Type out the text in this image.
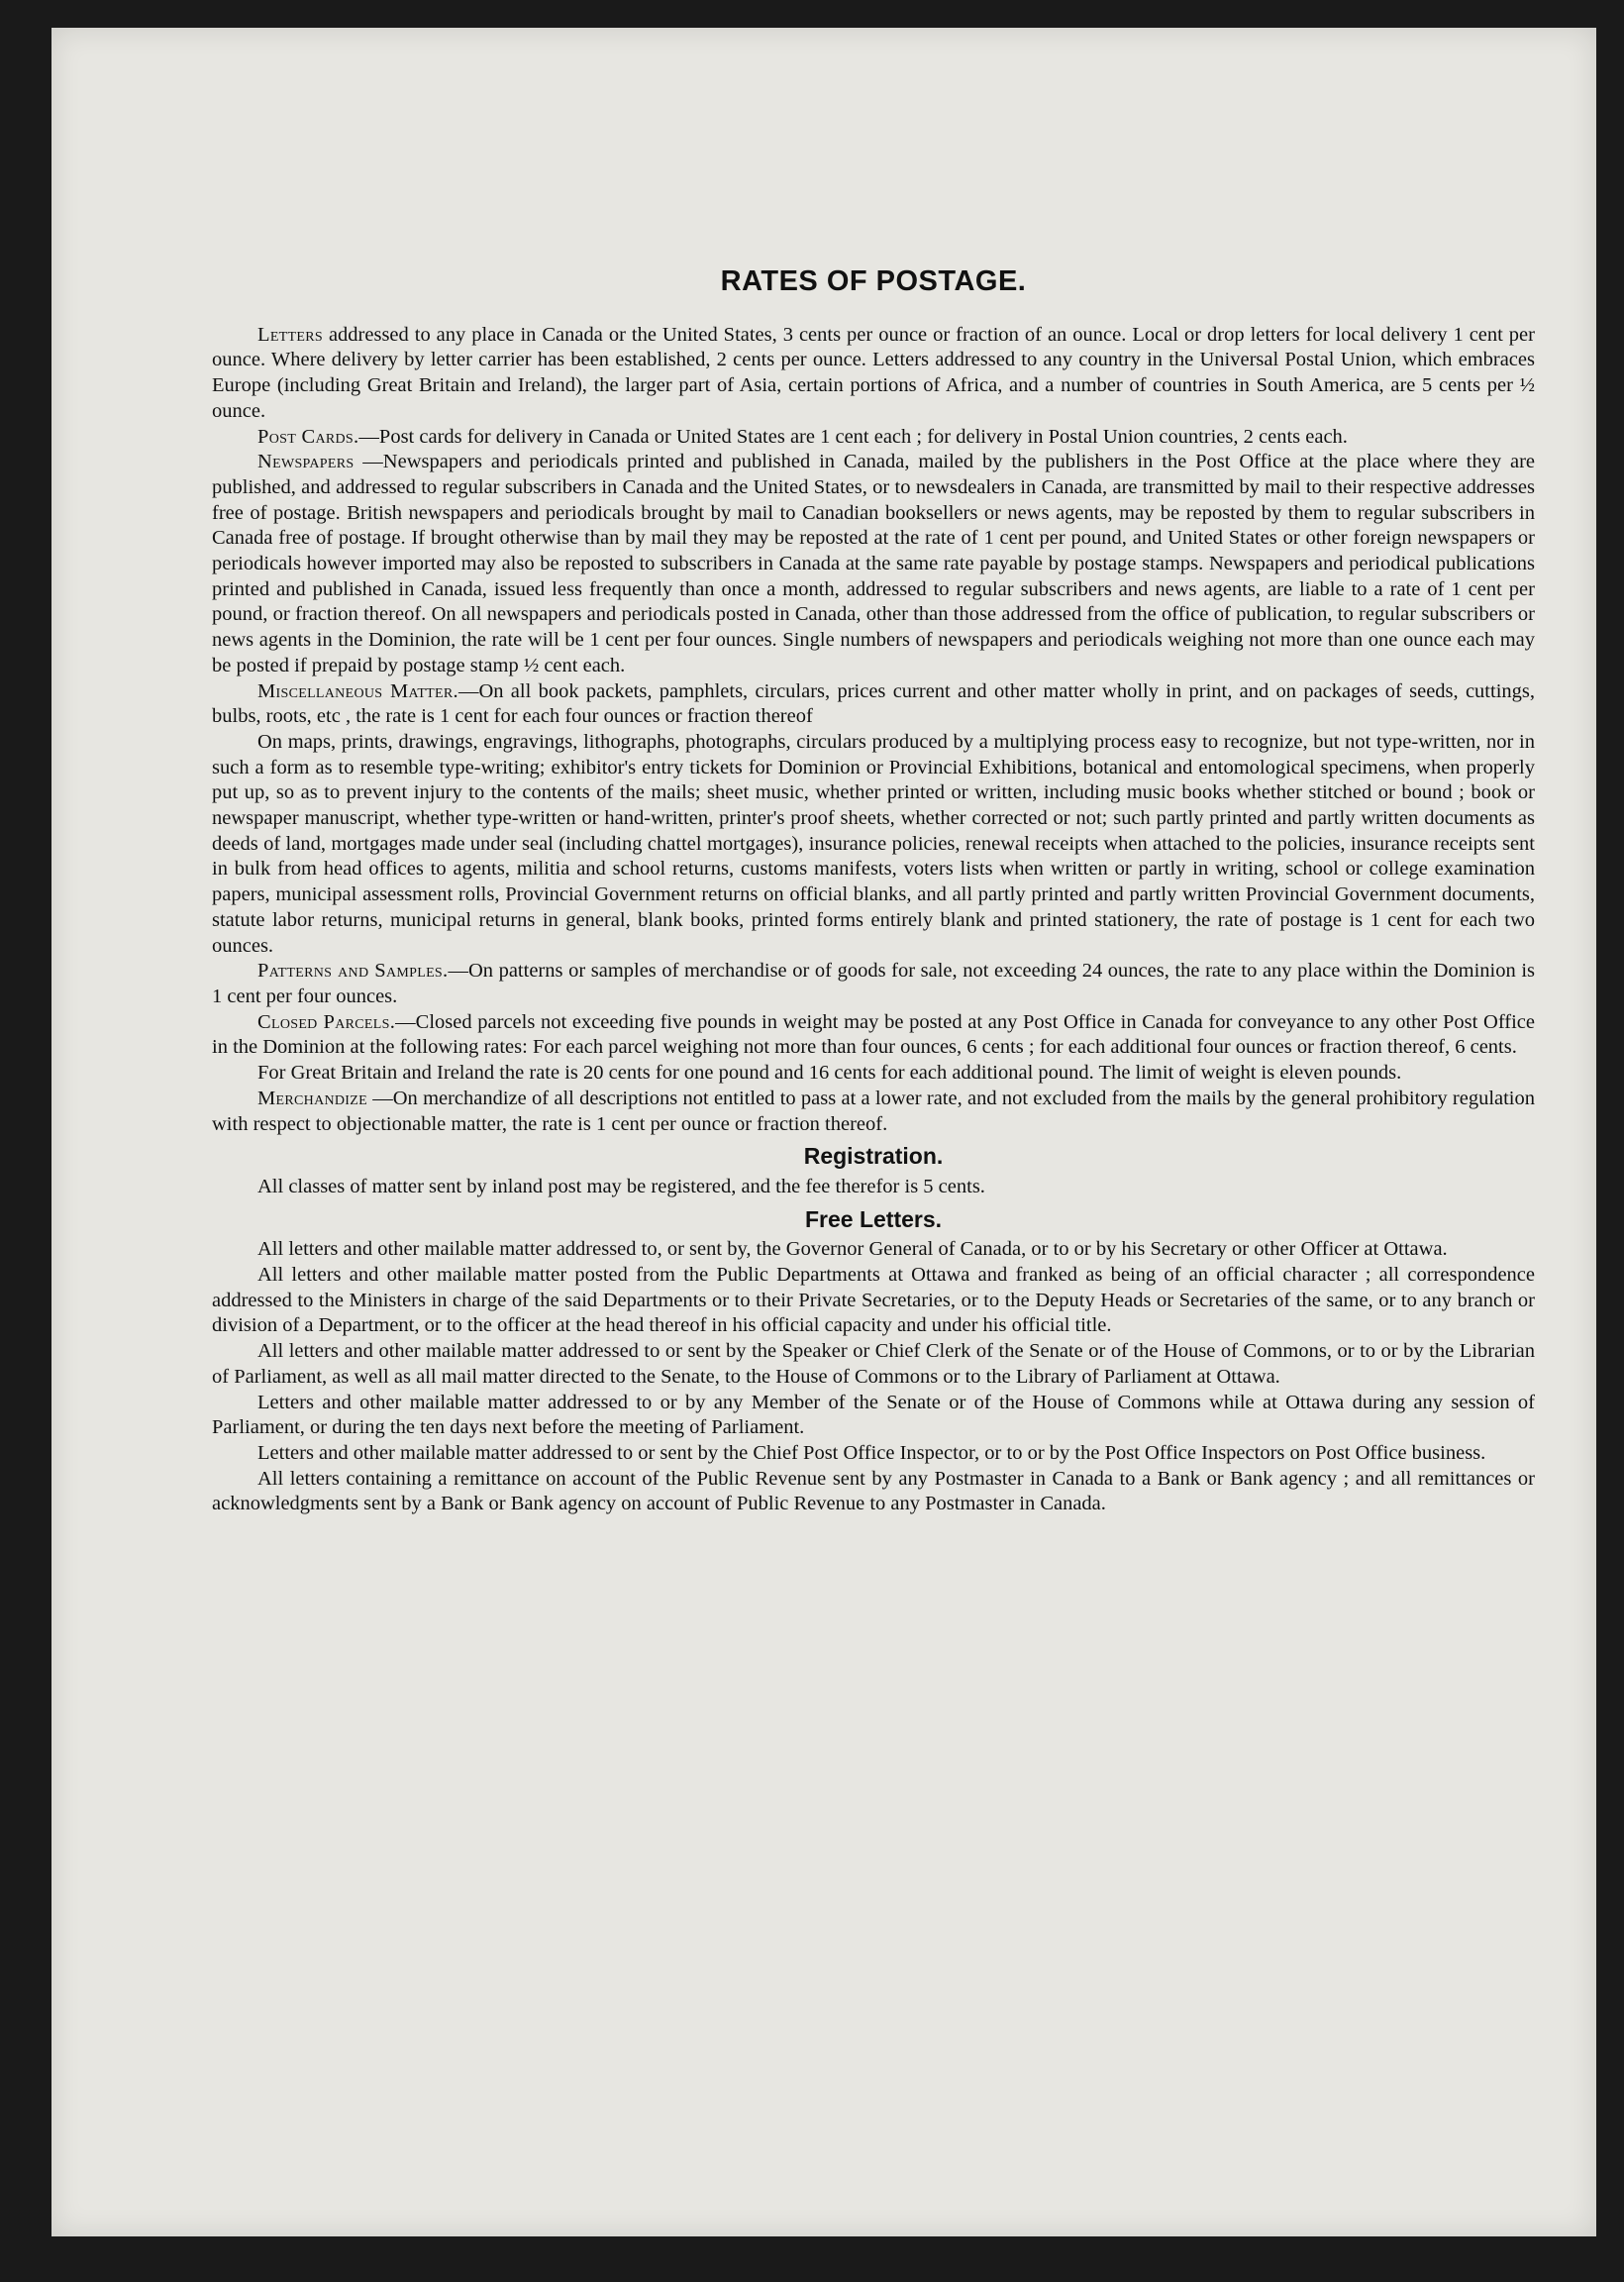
RATES OF POSTAGE.

Letters addressed to any place in Canada or the United States, 3 cents per ounce or fraction of an ounce. Local or drop letters for local delivery 1 cent per ounce. Where delivery by letter carrier has been established, 2 cents per ounce. Letters addressed to any country in the Universal Postal Union, which embraces Europe (including Great Britain and Ireland), the larger part of Asia, certain portions of Africa, and a number of countries in South America, are 5 cents per ½ ounce.

Post Cards.—Post cards for delivery in Canada or United States are 1 cent each ; for delivery in Postal Union countries, 2 cents each.

Newspapers —Newspapers and periodicals printed and published in Canada, mailed by the publishers in the Post Office at the place where they are published, and addressed to regular subscribers in Canada and the United States, or to newsdealers in Canada, are transmitted by mail to their respective addresses free of postage. British newspapers and periodicals brought by mail to Canadian booksellers or news agents, may be reposted by them to regular subscribers in Canada free of postage. If brought otherwise than by mail they may be reposted at the rate of 1 cent per pound, and United States or other foreign newspapers or periodicals however imported may also be reposted to subscribers in Canada at the same rate payable by postage stamps. Newspapers and periodical publications printed and published in Canada, issued less frequently than once a month, addressed to regular subscribers and news agents, are liable to a rate of 1 cent per pound, or fraction thereof. On all newspapers and periodicals posted in Canada, other than those addressed from the office of publication, to regular subscribers or news agents in the Dominion, the rate will be 1 cent per four ounces. Single numbers of newspapers and periodicals weighing not more than one ounce each may be posted if prepaid by postage stamp ½ cent each.

Miscellaneous Matter.—On all book packets, pamphlets, circulars, prices current and other matter wholly in print, and on packages of seeds, cuttings, bulbs, roots, etc , the rate is 1 cent for each four ounces or fraction thereof

On maps, prints, drawings, engravings, lithographs, photographs, circulars produced by a multiplying process easy to recognize, but not type-written, nor in such a form as to resemble type-writing; exhibitor's entry tickets for Dominion or Provincial Exhibitions, botanical and entomological specimens, when properly put up, so as to prevent injury to the contents of the mails; sheet music, whether printed or written, including music books whether stitched or bound ; book or newspaper manuscript, whether type-written or hand-written, printer's proof sheets, whether corrected or not; such partly printed and partly written documents as deeds of land, mortgages made under seal (including chattel mortgages), insurance policies, renewal receipts when attached to the policies, insurance receipts sent in bulk from head offices to agents, militia and school returns, customs manifests, voters lists when written or partly in writing, school or college examination papers, municipal assessment rolls, Provincial Government returns on official blanks, and all partly printed and partly written Provincial Government documents, statute labor returns, municipal returns in general, blank books, printed forms entirely blank and printed stationery, the rate of postage is 1 cent for each two ounces.

Patterns and Samples.—On patterns or samples of merchandise or of goods for sale, not exceeding 24 ounces, the rate to any place within the Dominion is 1 cent per four ounces.

Closed Parcels.—Closed parcels not exceeding five pounds in weight may be posted at any Post Office in Canada for conveyance to any other Post Office in the Dominion at the following rates: For each parcel weighing not more than four ounces, 6 cents ; for each additional four ounces or fraction thereof, 6 cents.

For Great Britain and Ireland the rate is 20 cents for one pound and 16 cents for each additional pound. The limit of weight is eleven pounds.

Merchandize —On merchandize of all descriptions not entitled to pass at a lower rate, and not excluded from the mails by the general prohibitory regulation with respect to objectionable matter, the rate is 1 cent per ounce or fraction thereof.

Registration.

All classes of matter sent by inland post may be registered, and the fee therefor is 5 cents.

Free Letters.

All letters and other mailable matter addressed to, or sent by, the Governor General of Canada, or to or by his Secretary or other Officer at Ottawa.

All letters and other mailable matter posted from the Public Departments at Ottawa and franked as being of an official character ; all correspondence addressed to the Ministers in charge of the said Departments or to their Private Secretaries, or to the Deputy Heads or Secretaries of the same, or to any branch or division of a Department, or to the officer at the head thereof in his official capacity and under his official title.

All letters and other mailable matter addressed to or sent by the Speaker or Chief Clerk of the Senate or of the House of Commons, or to or by the Librarian of Parliament, as well as all mail matter directed to the Senate, to the House of Commons or to the Library of Parliament at Ottawa.

Letters and other mailable matter addressed to or by any Member of the Senate or of the House of Commons while at Ottawa during any session of Parliament, or during the ten days next before the meeting of Parliament.

Letters and other mailable matter addressed to or sent by the Chief Post Office Inspector, or to or by the Post Office Inspectors on Post Office business.

All letters containing a remittance on account of the Public Revenue sent by any Postmaster in Canada to a Bank or Bank agency ; and all remittances or acknowledgments sent by a Bank or Bank agency on account of Public Revenue to any Postmaster in Canada.
